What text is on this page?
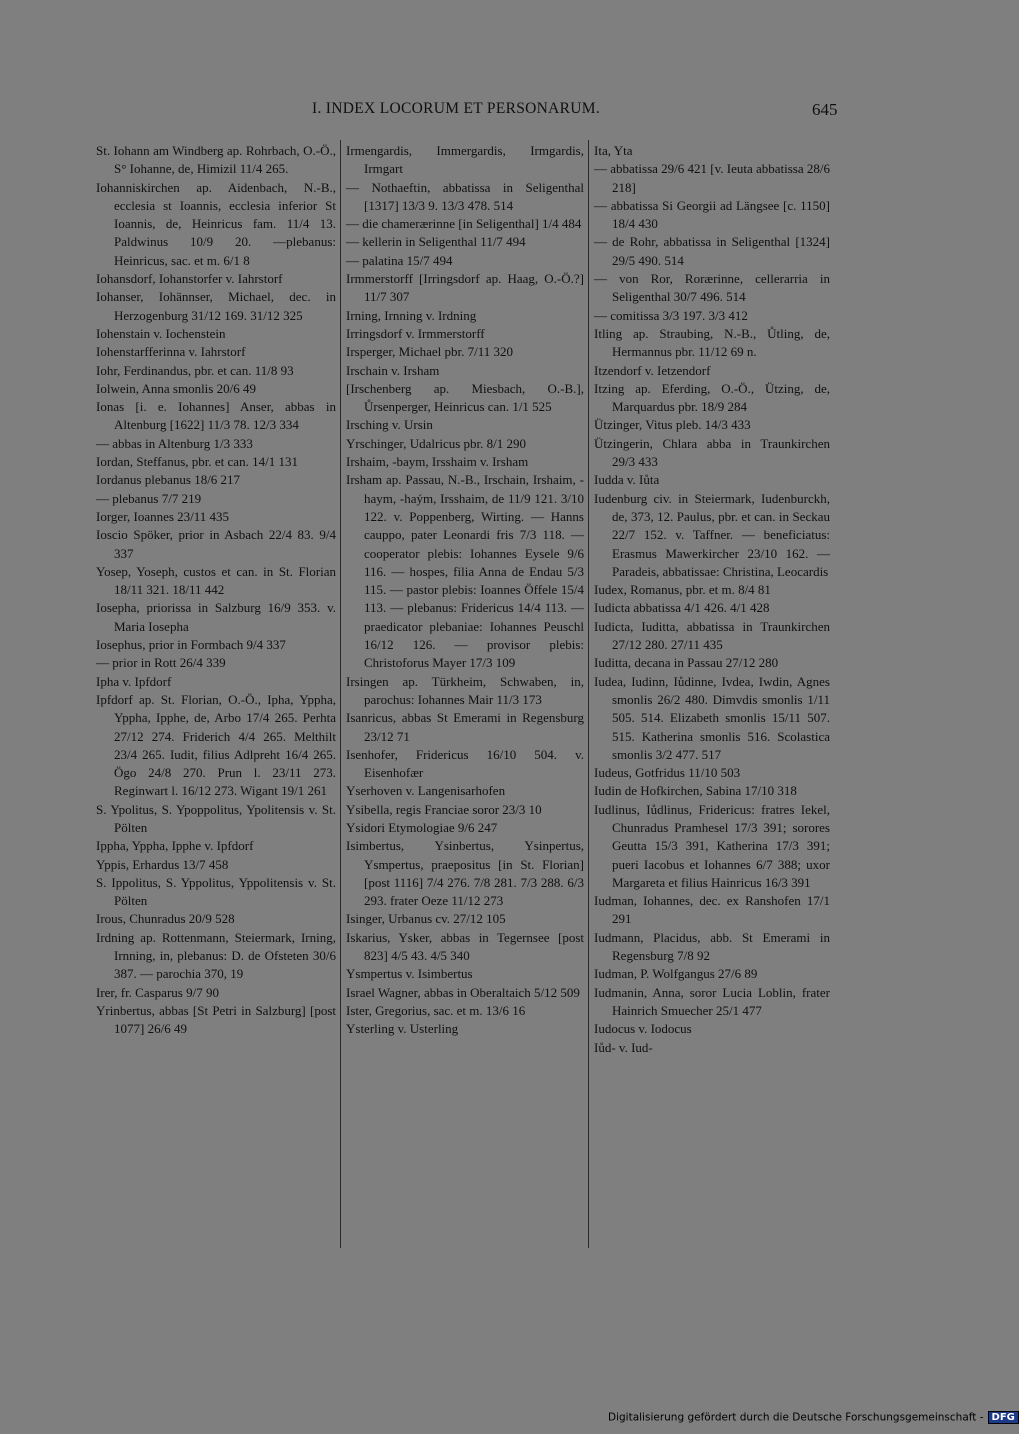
I. INDEX LOCORUM ET PERSONARUM.	645
St. Iohann am Windberg ap. Rohrbach, O.-Ö., S° Iohanne, de, Himizil 11/4 265.
Iohanniskirchen ap. Aidenbach, N.-B., ecclesia st Ioannis, ecclesia inferior St Ioannis, de, Heinricus fam. 11/4 13. Paldwinus 10/9 20. —plebanus: Heinricus, sac. et m. 6/1 8
Iohansdorf, Iohanstorfer v. Iahrstorf
Iohanser, Iohännser, Michael, dec. in Herzogenburg 31/12 169. 31/12 325
Iohenstain v. Iochenstein
Iohenstarfferinna v. Iahrstorf
Iohr, Ferdinandus, pbr. et can. 11/8 93
Iolwein, Anna smonlis 20/6 49
Ionas [i. e. Iohannes] Anser, abbas in Altenburg [1622] 11/3 78. 12/3 334
— abbas in Altenburg 1/3 333
Iordan, Steffanus, pbr. et can. 14/1 131
Iordanus plebanus 18/6 217
— plebanus 7/7 219
Iorger, Ioannes 23/11 435
Ioscio Spöker, prior in Asbach 22/4 83. 9/4 337
Yosep, Yoseph, custos et can. in St. Florian 18/11 321. 18/11 442
Iosepha, priorissa in Salzburg 16/9 353. v. Maria Iosepha
Iosephus, prior in Formbach 9/4 337
— prior in Rott 26/4 339
Ipha v. Ipfdorf
Ipfdorf ap. St. Florian, O.-Ö., Ipha, Yppha, Yppha, Ipphe, de, Arbo 17/4 265. Perhta 27/12 274. Friderich 4/4 265. Melthilt 23/4 265. Iudit, filius Adlpreht 16/4 265. Ögo 24/8 270. Prun l. 23/11 273. Reginwart l. 16/12 273. Wigant 19/1 261
S. Ypolitus, S. Ypoppolitus, Ypolitensis v. St. Pölten
Ippha, Yppha, Ipphe v. Ipfdorf
Yppis, Erhardus 13/7 458
S. Ippolitus, S. Yppolitus, Yppolitensis v. St. Pölten
Irous, Chunradus 20/9 528
Irdning ap. Rottenmann, Steiermark, Irning, Irnning, in, plebanus: D. de Ofsteten 30/6 387. — parochia 370, 19
Irer, fr. Casparus 9/7 90
Yrinbertus, abbas [St Petri in Salzburg] [post 1077] 26/6 49
Irmengardis, Immergardis, Irmgardis, Irmgart
— Nothaeftin, abbatissa in Seligenthal [1317] 13/3 9. 13/3 478. 514
— die chamerærinne [in Seligenthal] 1/4 484
— kellerin in Seligenthal 11/7 494
— palatina 15/7 494
Irmmerstorff [Irringsdorf ap. Haag, O.-Ö.?] 11/7 307
Irning, Irnning v. Irdning
Irringsdorf v. Irmmerstorff
Irsperger, Michael pbr. 7/11 320
Irschain v. Irsham
[Irschenberg ap. Miesbach, O.-B.], Ůrsenperger, Heinricus can. 1/1 525
Irsching v. Ursin
Yrschinger, Udalricus pbr. 8/1 290
Irshaim, -baym, Irsshaim v. Irsham
Irsham ap. Passau, N.-B., Irschain, Irshaim, -haym, -haým, Irsshaim, de 11/9 121. 3/10 122. v. Poppenberg, Wirting. — Hanns cauppo, pater Leonardi fris 7/3 118. — cooperator plebis: Iohannes Eysele 9/6 116. — hospes, filia Anna de Endau 5/3 115. — pastor plebis: Ioannes Öffele 15/4 113. — plebanus: Fridericus 14/4 113. — praedicator plebaniae: Iohannes Peuschl 16/12 126. — provisor plebis: Christoforus Mayer 17/3 109
Irsingen ap. Türkheim, Schwaben, in, parochus: Iohannes Mair 11/3 173
Isanricus, abbas St Emerami in Regensburg 23/12 71
Isenhofer, Fridericus 16/10 504. v. Eisenhofær
Yserhoven v. Langenisarhofen
Ysibella, regis Franciae soror 23/3 10
Ysidori Etymologiae 9/6 247
Isimbertus, Ysinbertus, Ysinpertus, Ysmpertus, praepositus [in St. Florian] [post 1116] 7/4 276. 7/8 281. 7/3 288. 6/3 293. frater Oeze 11/12 273
Isinger, Urbanus cv. 27/12 105
Iskarius, Ysker, abbas in Tegernsee [post 823] 4/5 43. 4/5 340
Ysmpertus v. Isimbertus
Israel Wagner, abbas in Oberaltaich 5/12 509
Ister, Gregorius, sac. et m. 13/6 16
Ysterling v. Usterling
Ita, Yta
— abbatissa 29/6 421 [v. Ieuta abbatissa 28/6 218]
— abbatissa Si Georgii ad Längsee [c. 1150] 18/4 430
— de Rohr, abbatissa in Seligenthal [1324] 29/5 490. 514
— von Ror, Rorærinne, cellerarria in Seligenthal 30/7 496. 514
— comitissa 3/3 197. 3/3 412
Itling ap. Straubing, N.-B., Ůtling, de, Hermannus pbr. 11/12 69 n.
Itzendorf v. Ietzendorf
Itzing ap. Eferding, O.-Ö., Ützing, de, Marquardus pbr. 18/9 284
Ützinger, Vitus pleb. 14/3 433
Ützingerin, Chlara abba in Traunkirchen 29/3 433
Iudda v. Iůta
Iudenburg civ. in Steiermark, Iudenburckh, de, 373, 12. Paulus, pbr. et can. in Seckau 22/7 152. v. Taffner. — beneficiatus: Erasmus Mawerkircher 23/10 162. — Paradeis, abbatissae: Christina, Leocardis
Iudex, Romanus, pbr. et m. 8/4 81
Iudicta abbatissa 4/1 426. 4/1 428
Iudicta, Iuditta, abbatissa in Traunkirchen 27/12 280. 27/11 435
Iuditta, decana in Passau 27/12 280
Iudea, Iudinn, Iůdinne, Ivdea, Iwdin, Agnes smonlis 26/2 480. Dimvdis smonlis 1/11 505. 514. Elizabeth smonlis 15/11 507. 515. Katherina smonlis 516. Scolastica smonlis 3/2 477. 517
Iudeus, Gotfridus 11/10 503
Iudin de Hofkirchen, Sabina 17/10 318
Iudlinus, Iůdlinus, Fridericus: fratres Iekel, Chunradus Pramhesel 17/3 391; sorores Geutta 15/3 391, Katherina 17/3 391; pueri Iacobus et Iohannes 6/7 388; uxor Margareta et filius Hainricus 16/3 391
Iudman, Iohannes, dec. ex Ranshofen 17/1 291
Iudmann, Placidus, abb. St Emerami in Regensburg 7/8 92
Iudman, P. Wolfgangus 27/6 89
Iudmanin, Anna, soror Lucia Loblin, frater Hainrich Smuecher 25/1 477
Iudocus v. Iodocus
Iůd- v. Iud-
Digitalisierung gefördert durch die Deutsche Forschungsgemeinschaft - DFG
